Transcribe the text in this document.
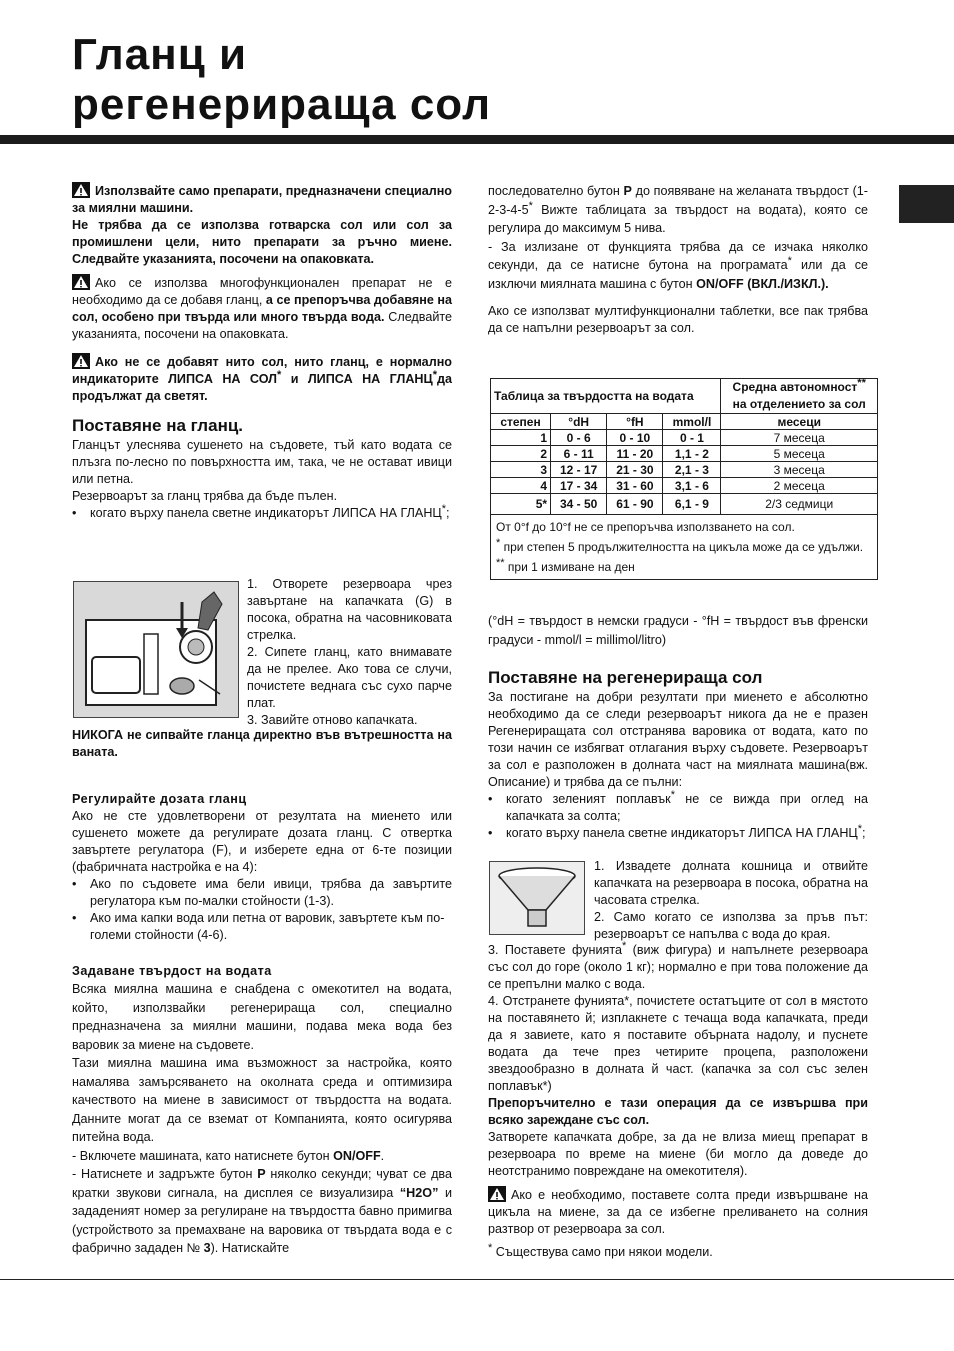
Гланц и
регенерираща сол

Използвайте само препарати, предназначени специално за миялни машини.

Не трябва да се използва готварска сол или сол за промишлени цели, нито препарати за ръчно миене. Следвайте указанията, посочени на опаковката.

Ако се използва многофункционален препарат не е необходимо да се добавя гланц, а се препоръчва добавяне на сол, особено при твърда или много твърда вода. Следвайте указанията, посочени на опаковката.

Ако не се добавят нито сол, нито гланц, е нормално индикаторите ЛИПСА НА СОЛ* и ЛИПСА НА ГЛАНЦ*да продължат да светят.

Поставяне на гланц.

Гланцът улеснява сушенето на съдовете, тъй като водата се плъзга по-лесно по повърхността им, така, че не остават ивици или петна.

Резервоарът за гланц трябва да бъде пълен.

• когато върху панела светне индикаторът ЛИПСА НА ГЛАНЦ*;

1. Отворете резервоара чрез завъртане на капачката (G) в посока, обратна на часовниковата стрелка.

2. Сипете гланц, като внимавате да не прелее. Ако това се случи, почистете веднага със сухо парче плат.

3. Завийте отново капачката.

НИКОГА не сипвайте гланца директно във вътрешността на ваната.

Регулирайте дозата гланц

Ако не сте удовлетворени от резултата на миенето или сушенето можете да регулирате дозата гланц. С отвертка завъртете регулатора (F), и изберете една от 6-те позиции (фабричната настройка е на 4):

• Ако по съдовете има бели ивици, трябва да завъртите регулатора към по-малки стойности (1-3).

• Ако има капки вода или петна от варовик, завъртете към по-големи стойности (4-6).

Задаване твърдост на водата

Всяка миялна машина е снабдена с омекотител на водата, който, използвайки регенерираща сол, специално предназначена за миялни машини, подава мека вода без варовик за миене на съдовете.

Тази миялна машина има възможност за настройка, която намалява замърсяването на околната среда и оптимизира качеството на миене в зависимост от твърдостта на водата. Данните могат да се вземат от Компанията, която осигурява питейна вода.

- Включете машината, като натиснете бутон ON/OFF.

- Натиснете и задръжте бутон P няколко секунди; чуват се два кратки звукови сигнала, на дисплея се визуализира “H2O” и зададеният номер за регулиране на твърдостта бавно примигва (устройството за премахване на варовика от твърдата вода е с фабрично зададен № 3). Натискайте

последователно бутон P до появяване на желаната твърдост (1-2-3-4-5* Вижте таблицата за твърдост на водата), която се регулира до максимум 5 нива.

- За излизане от функцията трябва да се изчака няколко секунди, да се натисне бутона на програмата* или да се изключи миялната машина с бутон ON/OFF (ВКЛ./ИЗКЛ.).

Ако се използват мултифункционални таблетки, все пак трябва да се напълни резервоарът за сол.

Таблица за твърдостта на водата				Средна автономност**
на отделението за сол
степен	°dH	°fH	mmol/l	месеци
1	0 - 6	0 - 10	0 - 1	7 месеца
2	6 - 11	11 - 20	1,1 - 2	5 месеца
3	12 - 17	21 - 30	2,1 - 3	3 месеца
4	17 - 34	31 - 60	3,1 - 6	2 месеца
5*	34 - 50	61 - 90	6,1 - 9	2/3 седмици

От 0°f до 10°f не се препоръчва използването на сол.
* при степен 5 продължителността на цикъла може да се удължи.
** при 1 измиване на ден				

(°dH = твърдост в немски градуси - °fH = твърдост във френски градуси - mmol/l = millimol/litro)

Поставяне на регенерираща сол

За постигане на добри резултати при миенето е абсолютно необходимо да се следи резервоарът никога да не е празен Регенериращата сол отстранява варовика от водата, като по този начин се избягват отлагания върху съдовете. Резервоарът за сол е разположен в долната част на миялната машина(вж. Описание) и трябва да се пълни:

• когато зеленият поплавък* не се вижда при оглед на капачката за солта;

• когато върху панела светне индикаторът ЛИПСА НА ГЛАНЦ*;

1. Извадете долната кошница и отвийте капачката на резервоара в посока, обратна на часовата стрелка.

2. Само когато се използва за пръв път: резервоарът се напълва с вода до края.

3. Поставете фунията* (виж фигура) и напълнете резервоара със сол до горе (около 1 кг); нормално е при това положение да се препълни малко с вода.

4. Отстранете фунията*, почистете остатъците от сол в мястото на поставянето й; изплакнете с течаща вода капачката, преди да я завиете, като я поставите обърната надолу, и пуснете водата да тече през четирите процепа, разположени звездообразно в долната й част. (капачка за сол със зелен поплавък*)

Препоръчително е тази операция да се извършва при всяко зареждане със сол.

Затворете капачката добре, за да не влиза миещ препарат в резервоара по време на миене (би могло да доведе до неотстранимо повреждане на омекотителя).

Ако е необходимо, поставете солта преди извършване на цикъла на миене, за да се избегне преливането на солния разтвор от резервоара за сол.

* Съществува само при някои модели.
